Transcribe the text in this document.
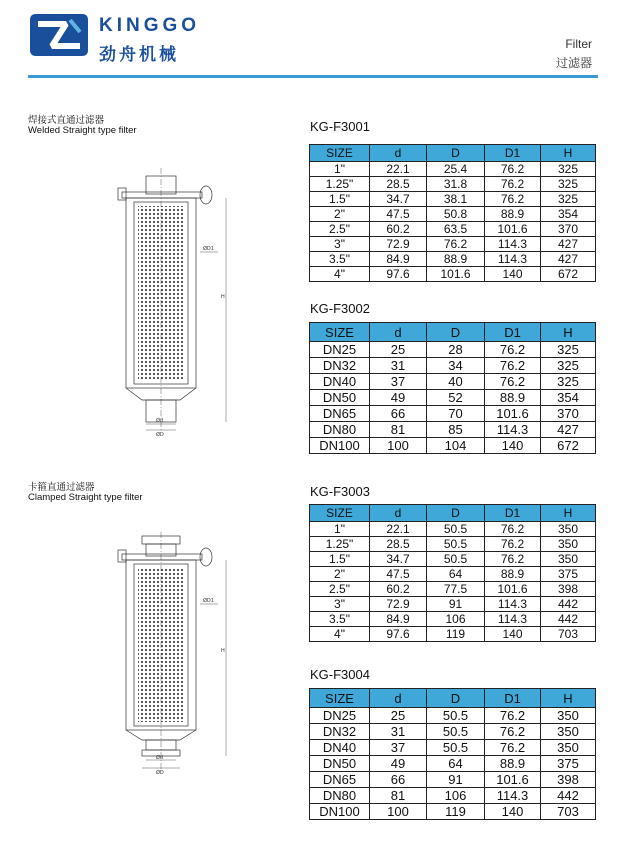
KINGGO
劲舟机械
Filter
过滤器
焊接式直通过滤器
Welded Straight type filter
卡箍直通过滤器
Clamped Straight type filter
ØD1
H
Ød
ØD
ØD1
H
Ød
ØD
KG-F3001
SIZE	d	D	D1	H
1"	22.1	25.4	76.2	325
1.25"	28.5	31.8	76.2	325
1.5"	34.7	38.1	76.2	325
2"	47.5	50.8	88.9	354
2.5"	60.2	63.5	101.6	370
3"	72.9	76.2	114.3	427
3.5"	84.9	88.9	114.3	427
4"	97.6	101.6	140	672
KG-F3002
SIZE	d	D	D1	H
DN25	25	28	76.2	325
DN32	31	34	76.2	325
DN40	37	40	76.2	325
DN50	49	52	88.9	354
DN65	66	70	101.6	370
DN80	81	85	114.3	427
DN100	100	104	140	672
KG-F3003
SIZE	d	D	D1	H
1"	22.1	50.5	76.2	350
1.25"	28.5	50.5	76.2	350
1.5"	34.7	50.5	76.2	350
2"	47.5	64	88.9	375
2.5"	60.2	77.5	101.6	398
3"	72.9	91	114.3	442
3.5"	84.9	106	114.3	442
4"	97.6	119	140	703
KG-F3004
SIZE	d	D	D1	H
DN25	25	50.5	76.2	350
DN32	31	50.5	76.2	350
DN40	37	50.5	76.2	350
DN50	49	64	88.9	375
DN65	66	91	101.6	398
DN80	81	106	114.3	442
DN100	100	119	140	703
